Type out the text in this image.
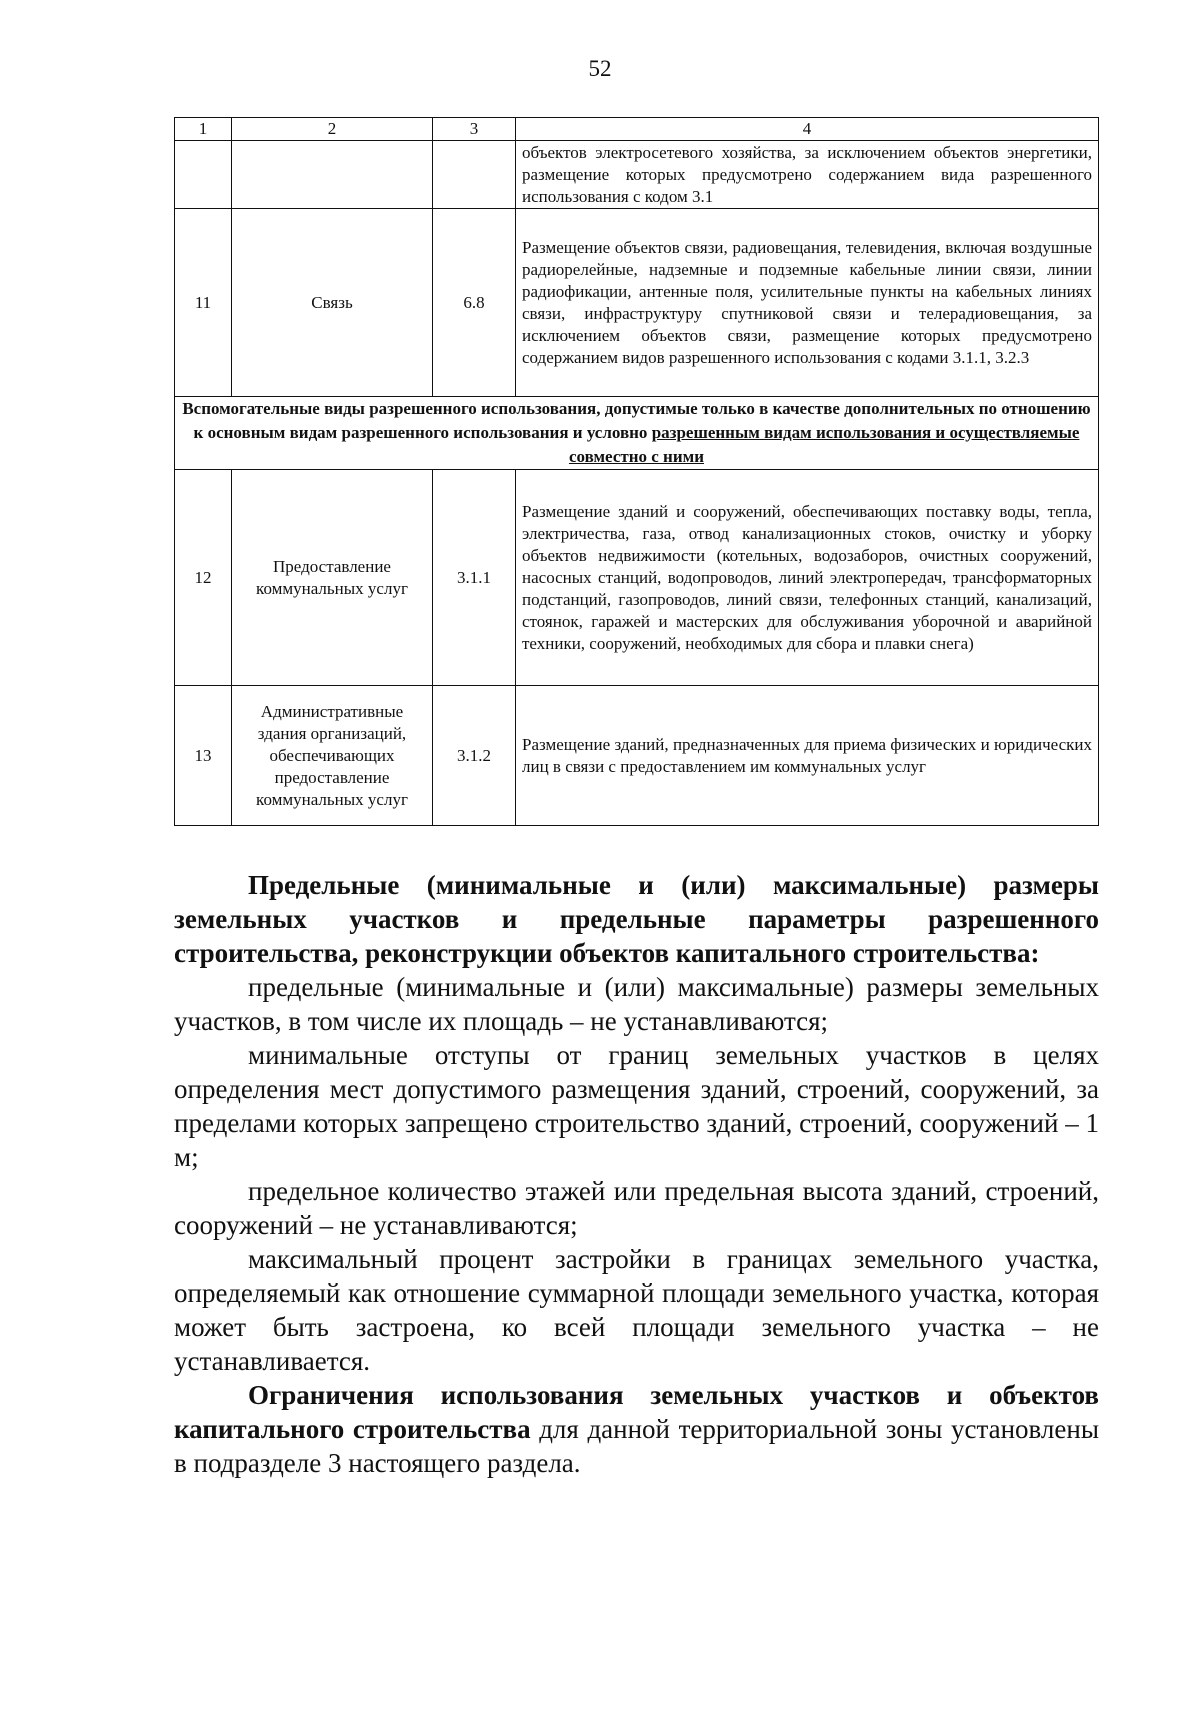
52
1	2	3	4
			объектов электросетевого хозяйства, за исключением объектов энергетики, размещение которых предусмотрено содержанием вида разрешенного использования с кодом 3.1
11	Связь	6.8	Размещение объектов связи, радиовещания, телевидения, включая воздушные радиорелейные, надземные и подземные кабельные линии связи, линии радиофикации, антенные поля, усилительные пункты на кабельных линиях связи, инфраструктуру спутниковой связи и телерадиовещания, за исключением объектов связи, размещение которых предусмотрено содержанием видов разрешенного использования с кодами 3.1.1, 3.2.3
Вспомогательные виды разрешенного использования, допустимые только в качестве дополнительных по отношению к основным видам разрешенного использования и условно разрешенным видам использования и осуществляемые совместно с ними			
12	Предоставление коммунальных услуг	3.1.1	Размещение зданий и сооружений, обеспечивающих поставку воды, тепла, электричества, газа, отвод канализационных стоков, очистку и уборку объектов недвижимости (котельных, водозаборов, очистных сооружений, насосных станций, водопроводов, линий электропередач, трансформаторных подстанций, газопроводов, линий связи, телефонных станций, канализаций, стоянок, гаражей и мастерских для обслуживания уборочной и аварийной техники, сооружений, необходимых для сбора и плавки снега)
13	Административные здания организаций, обеспечивающих предоставление коммунальных услуг	3.1.2	Размещение зданий, предназначенных для приема физических и юридических лиц в связи с предоставлением им коммунальных услуг

Предельные (минимальные и (или) максимальные) размеры земельных участков и предельные параметры разрешенного строительства, реконструкции объектов капитального строительства:

предельные (минимальные и (или) максимальные) размеры земельных участков, в том числе их площадь – не устанавливаются;

минимальные отступы от границ земельных участков в целях определения мест допустимого размещения зданий, строений, сооружений, за пределами которых запрещено строительство зданий, строений, сооружений – 1 м;

предельное количество этажей или предельная высота зданий, строений, сооружений – не устанавливаются;

максимальный процент застройки в границах земельного участка, определяемый как отношение суммарной площади земельного участка, которая может быть застроена, ко всей площади земельного участка – не устанавливается.

Ограничения использования земельных участков и объектов капитального строительства для данной территориальной зоны установлены в подразделе 3 настоящего раздела.
